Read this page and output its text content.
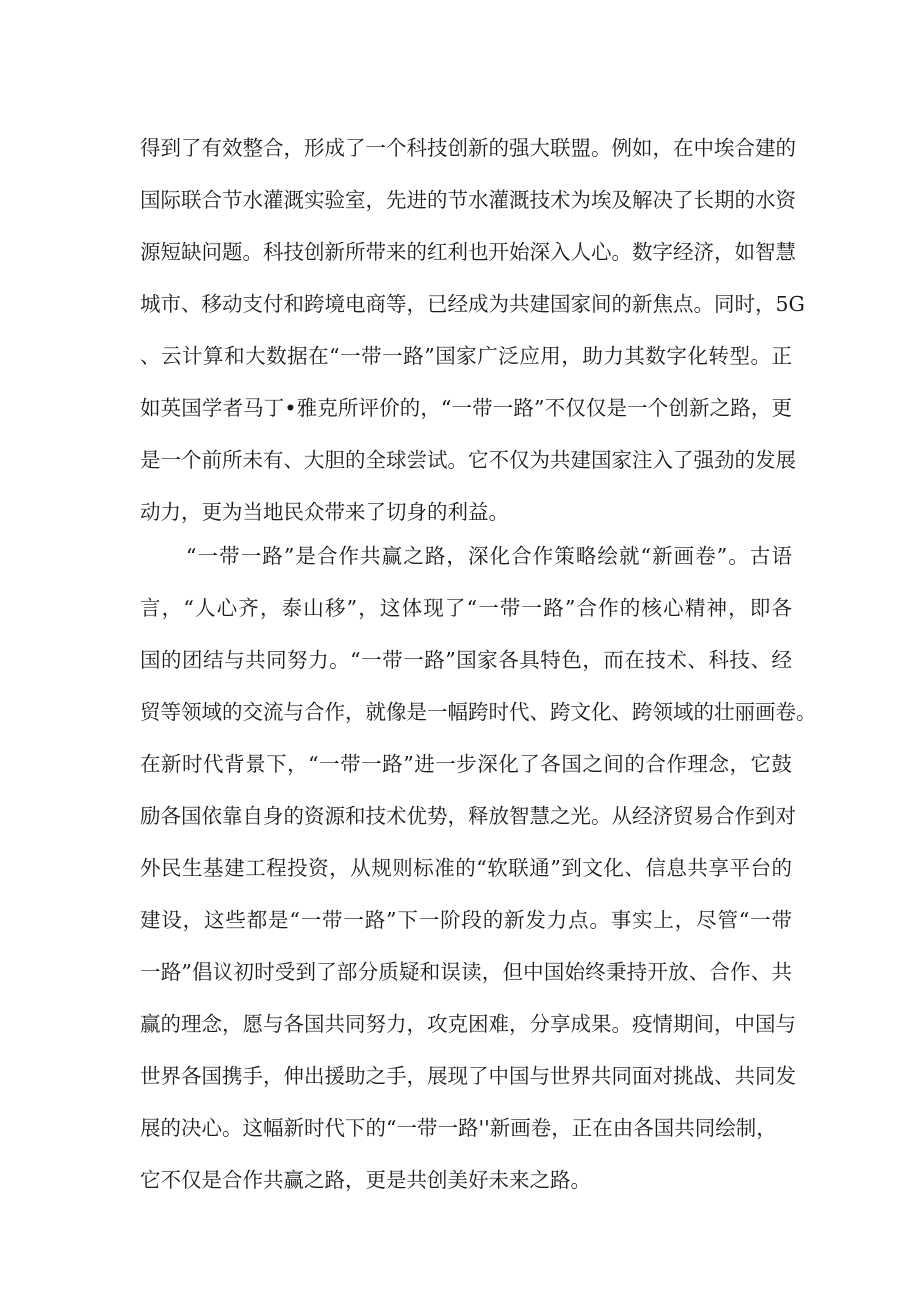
得到了有效整合，形成了一个科技创新的强大联盟。例如，在中埃合建的

国际联合节水灌溉实验室，先进的节水灌溉技术为埃及解决了长期的水资

源短缺问题。科技创新所带来的红利也开始深入人心。数字经济，如智慧

城市、移动支付和跨境电商等，已经成为共建国家间的新焦点。同时，5G

、云计算和大数据在“一带一路”国家广泛应用，助力其数字化转型。正

如英国学者马丁•雅克所评价的，“一带一路”不仅仅是一个创新之路，更

是一个前所未有、大胆的全球尝试。它不仅为共建国家注入了强劲的发展

动力，更为当地民众带来了切身的利益。

“一带一路”是合作共赢之路，深化合作策略绘就“新画卷”。古语

言，“人心齐，泰山移”，这体现了“一带一路”合作的核心精神，即各

国的团结与共同努力。“一带一路”国家各具特色，而在技术、科技、经

贸等领域的交流与合作，就像是一幅跨时代、跨文化、跨领域的壮丽画卷。

在新时代背景下，“一带一路”进一步深化了各国之间的合作理念，它鼓

励各国依靠自身的资源和技术优势，释放智慧之光。从经济贸易合作到对

外民生基建工程投资，从规则标准的“软联通”到文化、信息共享平台的

建设，这些都是“一带一路”下一阶段的新发力点。事实上，尽管“一带

一路”倡议初时受到了部分质疑和误读，但中国始终秉持开放、合作、共

赢的理念，愿与各国共同努力，攻克困难，分享成果。疫情期间，中国与

世界各国携手，伸出援助之手，展现了中国与世界共同面对挑战、共同发

展的决心。这幅新时代下的“一带一路''新画卷，正在由各国共同绘制，

它不仅是合作共赢之路，更是共创美好未来之路。
